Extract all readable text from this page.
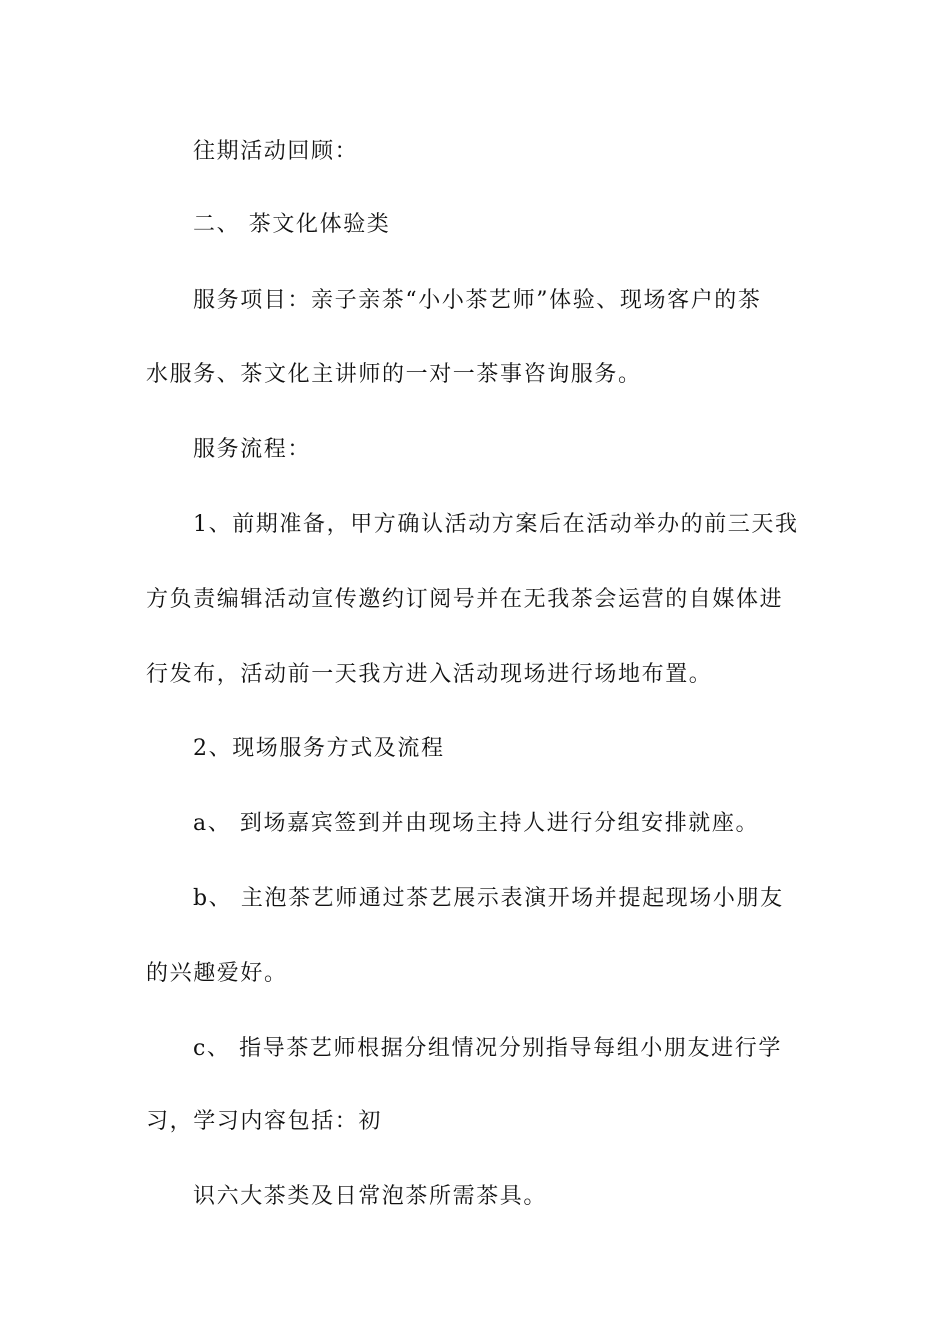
往期活动回顾：
二、 茶文化体验类
服务项目：亲子亲茶“小小茶艺师”体验、现场客户的茶
水服务、茶文化主讲师的一对一茶事咨询服务。
服务流程：
1、前期准备，甲方确认活动方案后在活动举办的前三天我
方负责编辑活动宣传邀约订阅号并在无我茶会运营的自媒体进
行发布，活动前一天我方进入活动现场进行场地布置。
2、现场服务方式及流程
a、 到场嘉宾签到并由现场主持人进行分组安排就座。
b、 主泡茶艺师通过茶艺展示表演开场并提起现场小朋友
的兴趣爱好。
c、 指导茶艺师根据分组情况分别指导每组小朋友进行学
习，学习内容包括：初
识六大茶类及日常泡茶所需茶具。
